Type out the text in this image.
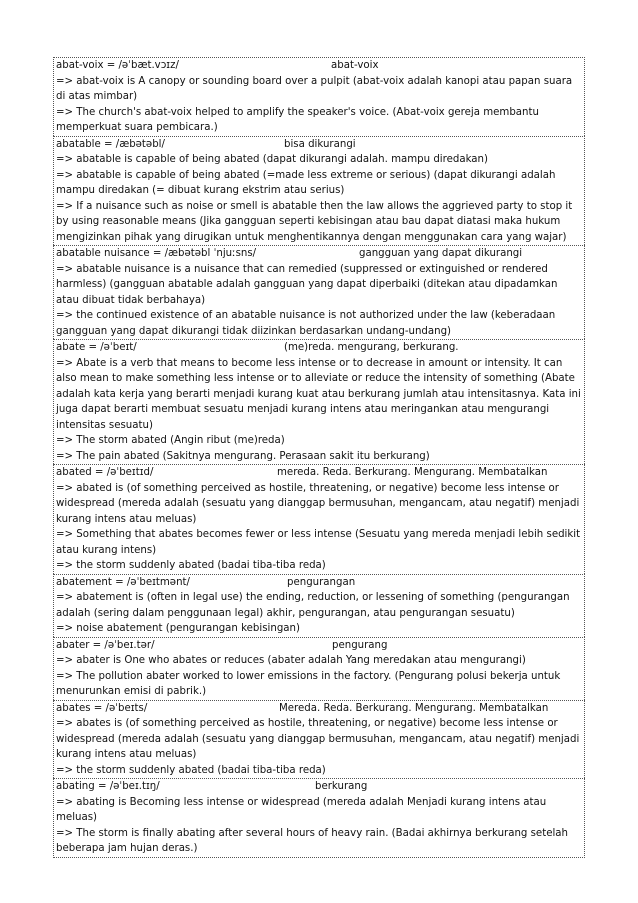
abat-voix = /əˈbæt.vɔɪz/	abat-voix
=> abat-voix is A canopy or sounding board over a pulpit (abat-voix adalah kanopi atau papan suara di atas mimbar)
=> The church's abat-voix helped to amplify the speaker's voice. (Abat-voix gereja membantu memperkuat suara pembicara.)
abatable = /æbətəbl/	bisa dikurangi
=> abatable is capable of being abated (dapat dikurangi adalah. mampu diredakan)
=> abatable is capable of being abated (=made less extreme or serious) (dapat dikurangi adalah mampu diredakan (= dibuat kurang ekstrim atau serius)
=> If a nuisance such as noise or smell is abatable then the law allows the aggrieved party to stop it by using reasonable means (Jika gangguan seperti kebisingan atau bau dapat diatasi maka hukum mengizinkan pihak yang dirugikan untuk menghentikannya dengan menggunakan cara yang wajar)
abatable nuisance = /æbətəbl ˈnjuːsns/	gangguan yang dapat dikurangi
=> abatable nuisance is a nuisance that can remedied (suppressed or extinguished or rendered harmless) (gangguan abatable adalah gangguan yang dapat diperbaiki (ditekan atau dipadamkan atau dibuat tidak berbahaya)
=> the continued existence of an abatable nuisance is not authorized under the law (keberadaan gangguan yang dapat dikurangi tidak diizinkan berdasarkan undang-undang)
abate = /əˈbeɪt/	(me)reda. mengurang, berkurang.
=> Abate is a verb that means to become less intense or to decrease in amount or intensity. It can also mean to make something less intense or to alleviate or reduce the intensity of something (Abate adalah kata kerja yang berarti menjadi kurang kuat atau berkurang jumlah atau intensitasnya. Kata ini juga dapat berarti membuat sesuatu menjadi kurang intens atau meringankan atau mengurangi intensitas sesuatu)
=> The storm abated (Angin ribut (me)reda)
=> The pain abated (Sakitnya mengurang. Perasaan sakit itu berkurang)
abated = /əˈbeɪtɪd/	mereda. Reda. Berkurang. Mengurang. Membatalkan
=> abated is (of something perceived as hostile, threatening, or negative) become less intense or widespread (mereda adalah (sesuatu yang dianggap bermusuhan, mengancam, atau negatif) menjadi kurang intens atau meluas)
=> Something that abates becomes fewer or less intense (Sesuatu yang mereda menjadi lebih sedikit atau kurang intens)
=> the storm suddenly abated (badai tiba-tiba reda)
abatement = /əˈbeɪtmənt/	pengurangan
=> abatement is (often in legal use) the ending, reduction, or lessening of something (pengurangan adalah (sering dalam penggunaan legal) akhir, pengurangan, atau pengurangan sesuatu)
=> noise abatement (pengurangan kebisingan)
abater = /əˈbeɪ.tər/	pengurang
=> abater is One who abates or reduces (abater adalah Yang meredakan atau mengurangi)
=> The pollution abater worked to lower emissions in the factory. (Pengurang polusi bekerja untuk menurunkan emisi di pabrik.)
abates = /əˈbeɪts/	Mereda. Reda. Berkurang. Mengurang. Membatalkan
=> abates is (of something perceived as hostile, threatening, or negative) become less intense or widespread (mereda adalah (sesuatu yang dianggap bermusuhan, mengancam, atau negatif) menjadi kurang intens atau meluas)
=> the storm suddenly abated (badai tiba-tiba reda)
abating = /əˈbeɪ.tɪŋ/	berkurang
=> abating is Becoming less intense or widespread (mereda adalah Menjadi kurang intens atau meluas)
=> The storm is finally abating after several hours of heavy rain. (Badai akhirnya berkurang setelah beberapa jam hujan deras.)
